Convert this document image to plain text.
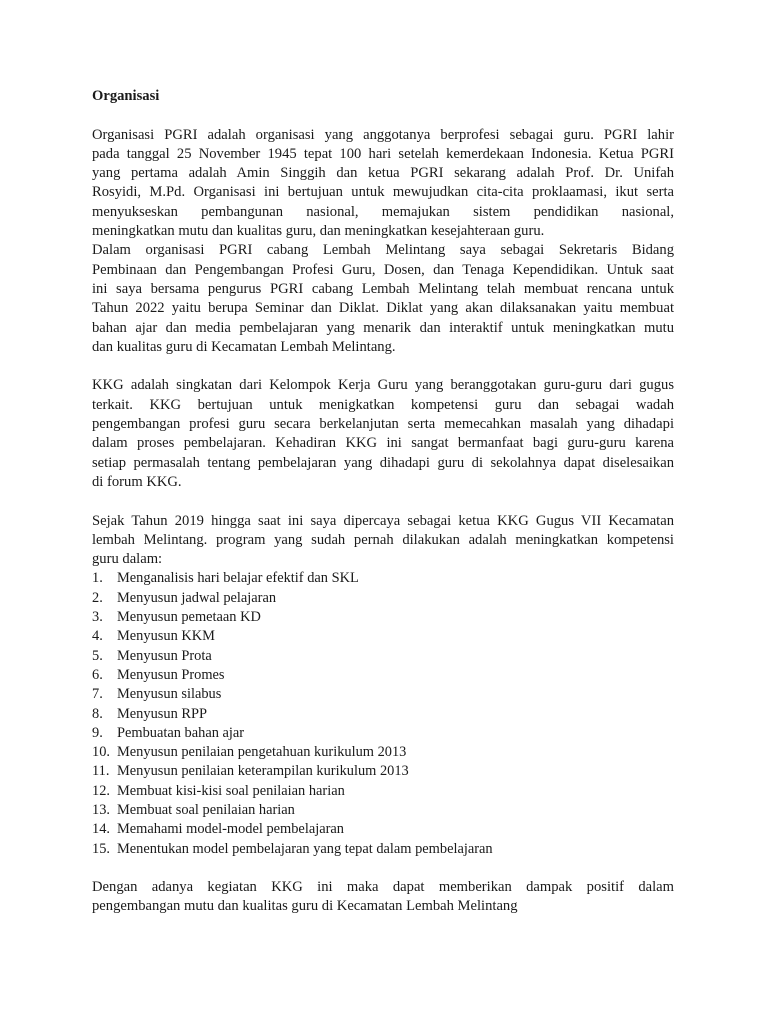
Organisasi
Organisasi PGRI adalah organisasi yang anggotanya berprofesi sebagai guru. PGRI lahir
pada tanggal 25 November 1945 tepat 100 hari setelah kemerdekaan Indonesia. Ketua PGRI
yang pertama adalah Amin Singgih dan ketua PGRI sekarang adalah Prof. Dr. Unifah
Rosyidi, M.Pd. Organisasi ini bertujuan untuk mewujudkan cita-cita proklaamasi, ikut serta
menyukseskan pembangunan nasional, memajukan sistem pendidikan nasional,
meningkatkan mutu dan kualitas guru, dan meningkatkan kesejahteraan guru.
Dalam organisasi PGRI cabang Lembah Melintang saya sebagai Sekretaris Bidang
Pembinaan dan Pengembangan Profesi Guru, Dosen, dan Tenaga Kependidikan. Untuk saat
ini saya bersama pengurus PGRI cabang Lembah Melintang telah membuat rencana untuk
Tahun 2022 yaitu berupa Seminar dan Diklat. Diklat yang akan dilaksanakan yaitu membuat
bahan ajar dan media pembelajaran yang menarik dan interaktif untuk meningkatkan mutu
dan kualitas guru di Kecamatan Lembah Melintang.
KKG adalah singkatan dari Kelompok Kerja Guru yang beranggotakan guru-guru dari gugus
terkait. KKG bertujuan untuk menigkatkan kompetensi guru dan sebagai wadah
pengembangan profesi guru secara berkelanjutan serta memecahkan masalah yang dihadapi
dalam proses pembelajaran. Kehadiran KKG ini sangat bermanfaat bagi guru-guru karena
setiap permasalah tentang pembelajaran yang dihadapi guru di sekolahnya dapat diselesaikan
di forum KKG.
Sejak Tahun 2019 hingga saat ini saya dipercaya sebagai ketua KKG Gugus VII Kecamatan
lembah Melintang. program yang sudah pernah dilakukan adalah meningkatkan kompetensi
guru dalam:
1. Menganalisis hari belajar efektif dan SKL
2. Menyusun jadwal pelajaran
3. Menyusun pemetaan KD
4. Menyusun KKM
5. Menyusun Prota
6. Menyusun Promes
7. Menyusun silabus
8. Menyusun RPP
9. Pembuatan bahan ajar
10. Menyusun penilaian pengetahuan kurikulum 2013
11. Menyusun penilaian keterampilan kurikulum 2013
12. Membuat kisi-kisi soal penilaian harian
13. Membuat soal penilaian harian
14. Memahami model-model pembelajaran
15. Menentukan model pembelajaran yang tepat dalam pembelajaran
Dengan adanya kegiatan KKG ini maka dapat memberikan dampak positif dalam
pengembangan mutu dan kualitas guru di Kecamatan Lembah Melintang
